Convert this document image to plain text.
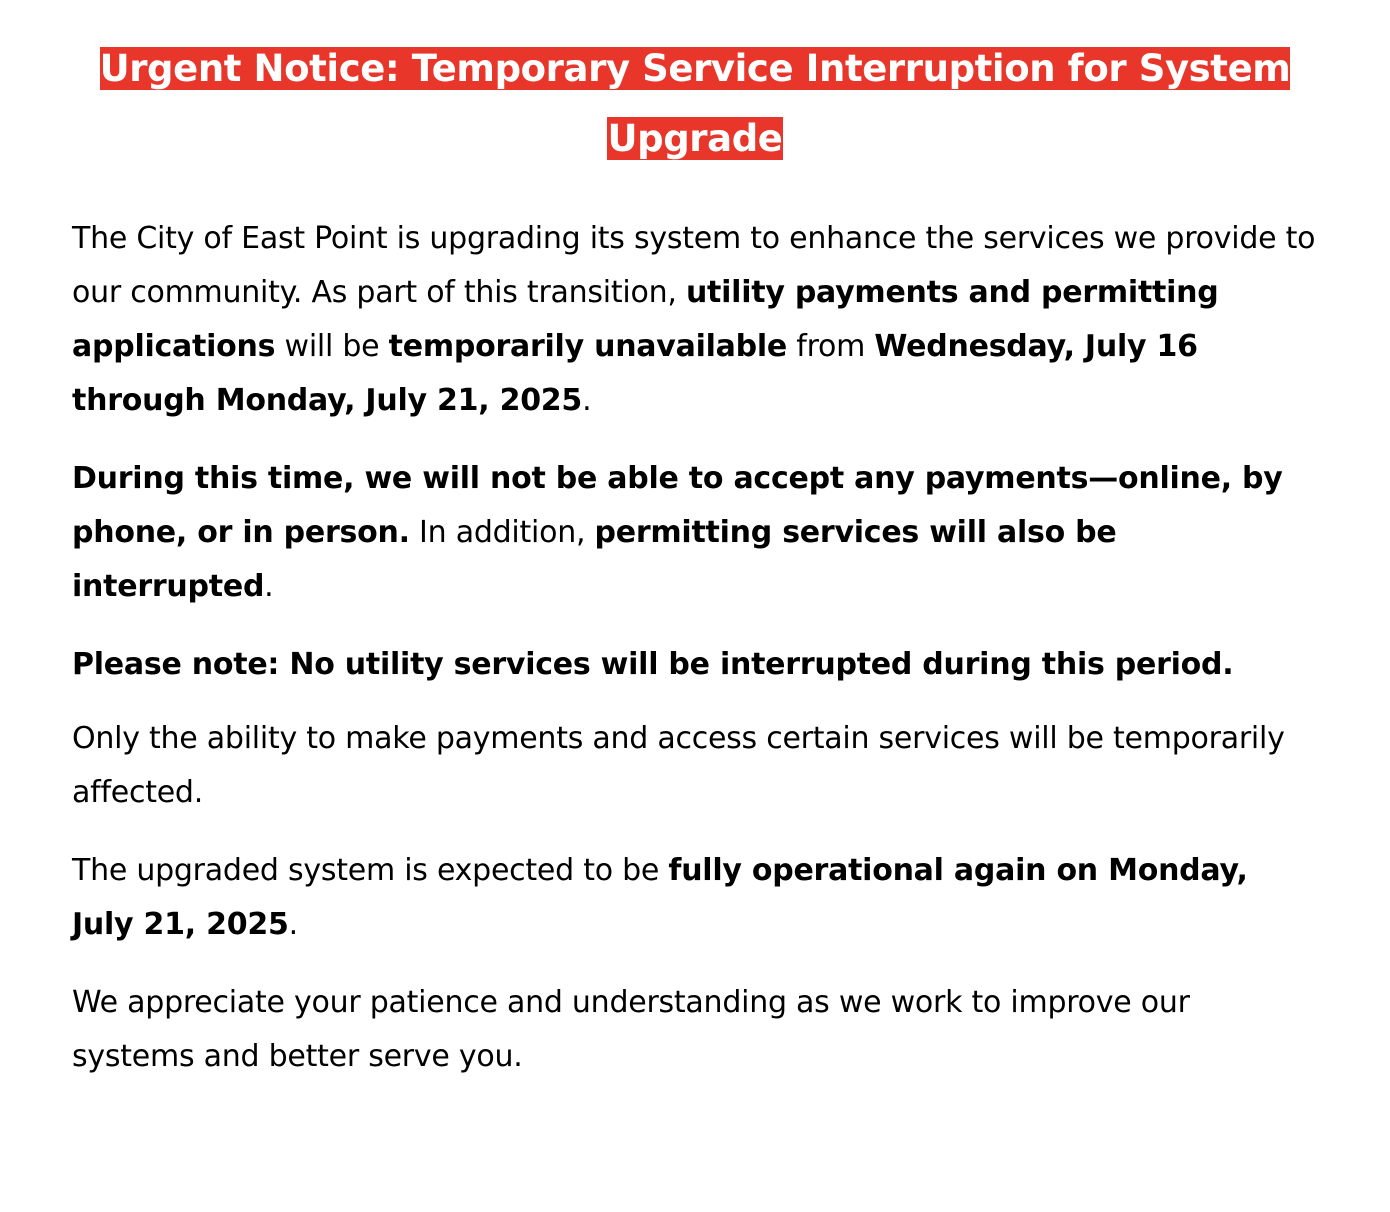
Urgent Notice: Temporary Service Interruption for System Upgrade

The City of East Point is upgrading its system to enhance the services we provide to our community. As part of this transition, utility payments and permitting applications will be temporarily unavailable from Wednesday, July 16 through Monday, July 21, 2025.

During this time, we will not be able to accept any payments—online, by phone, or in person. In addition, permitting services will also be interrupted.

Please note: No utility services will be interrupted during this period.

Only the ability to make payments and access certain services will be temporarily affected.

The upgraded system is expected to be fully operational again on Monday, July 21, 2025.

We appreciate your patience and understanding as we work to improve our systems and better serve you.
